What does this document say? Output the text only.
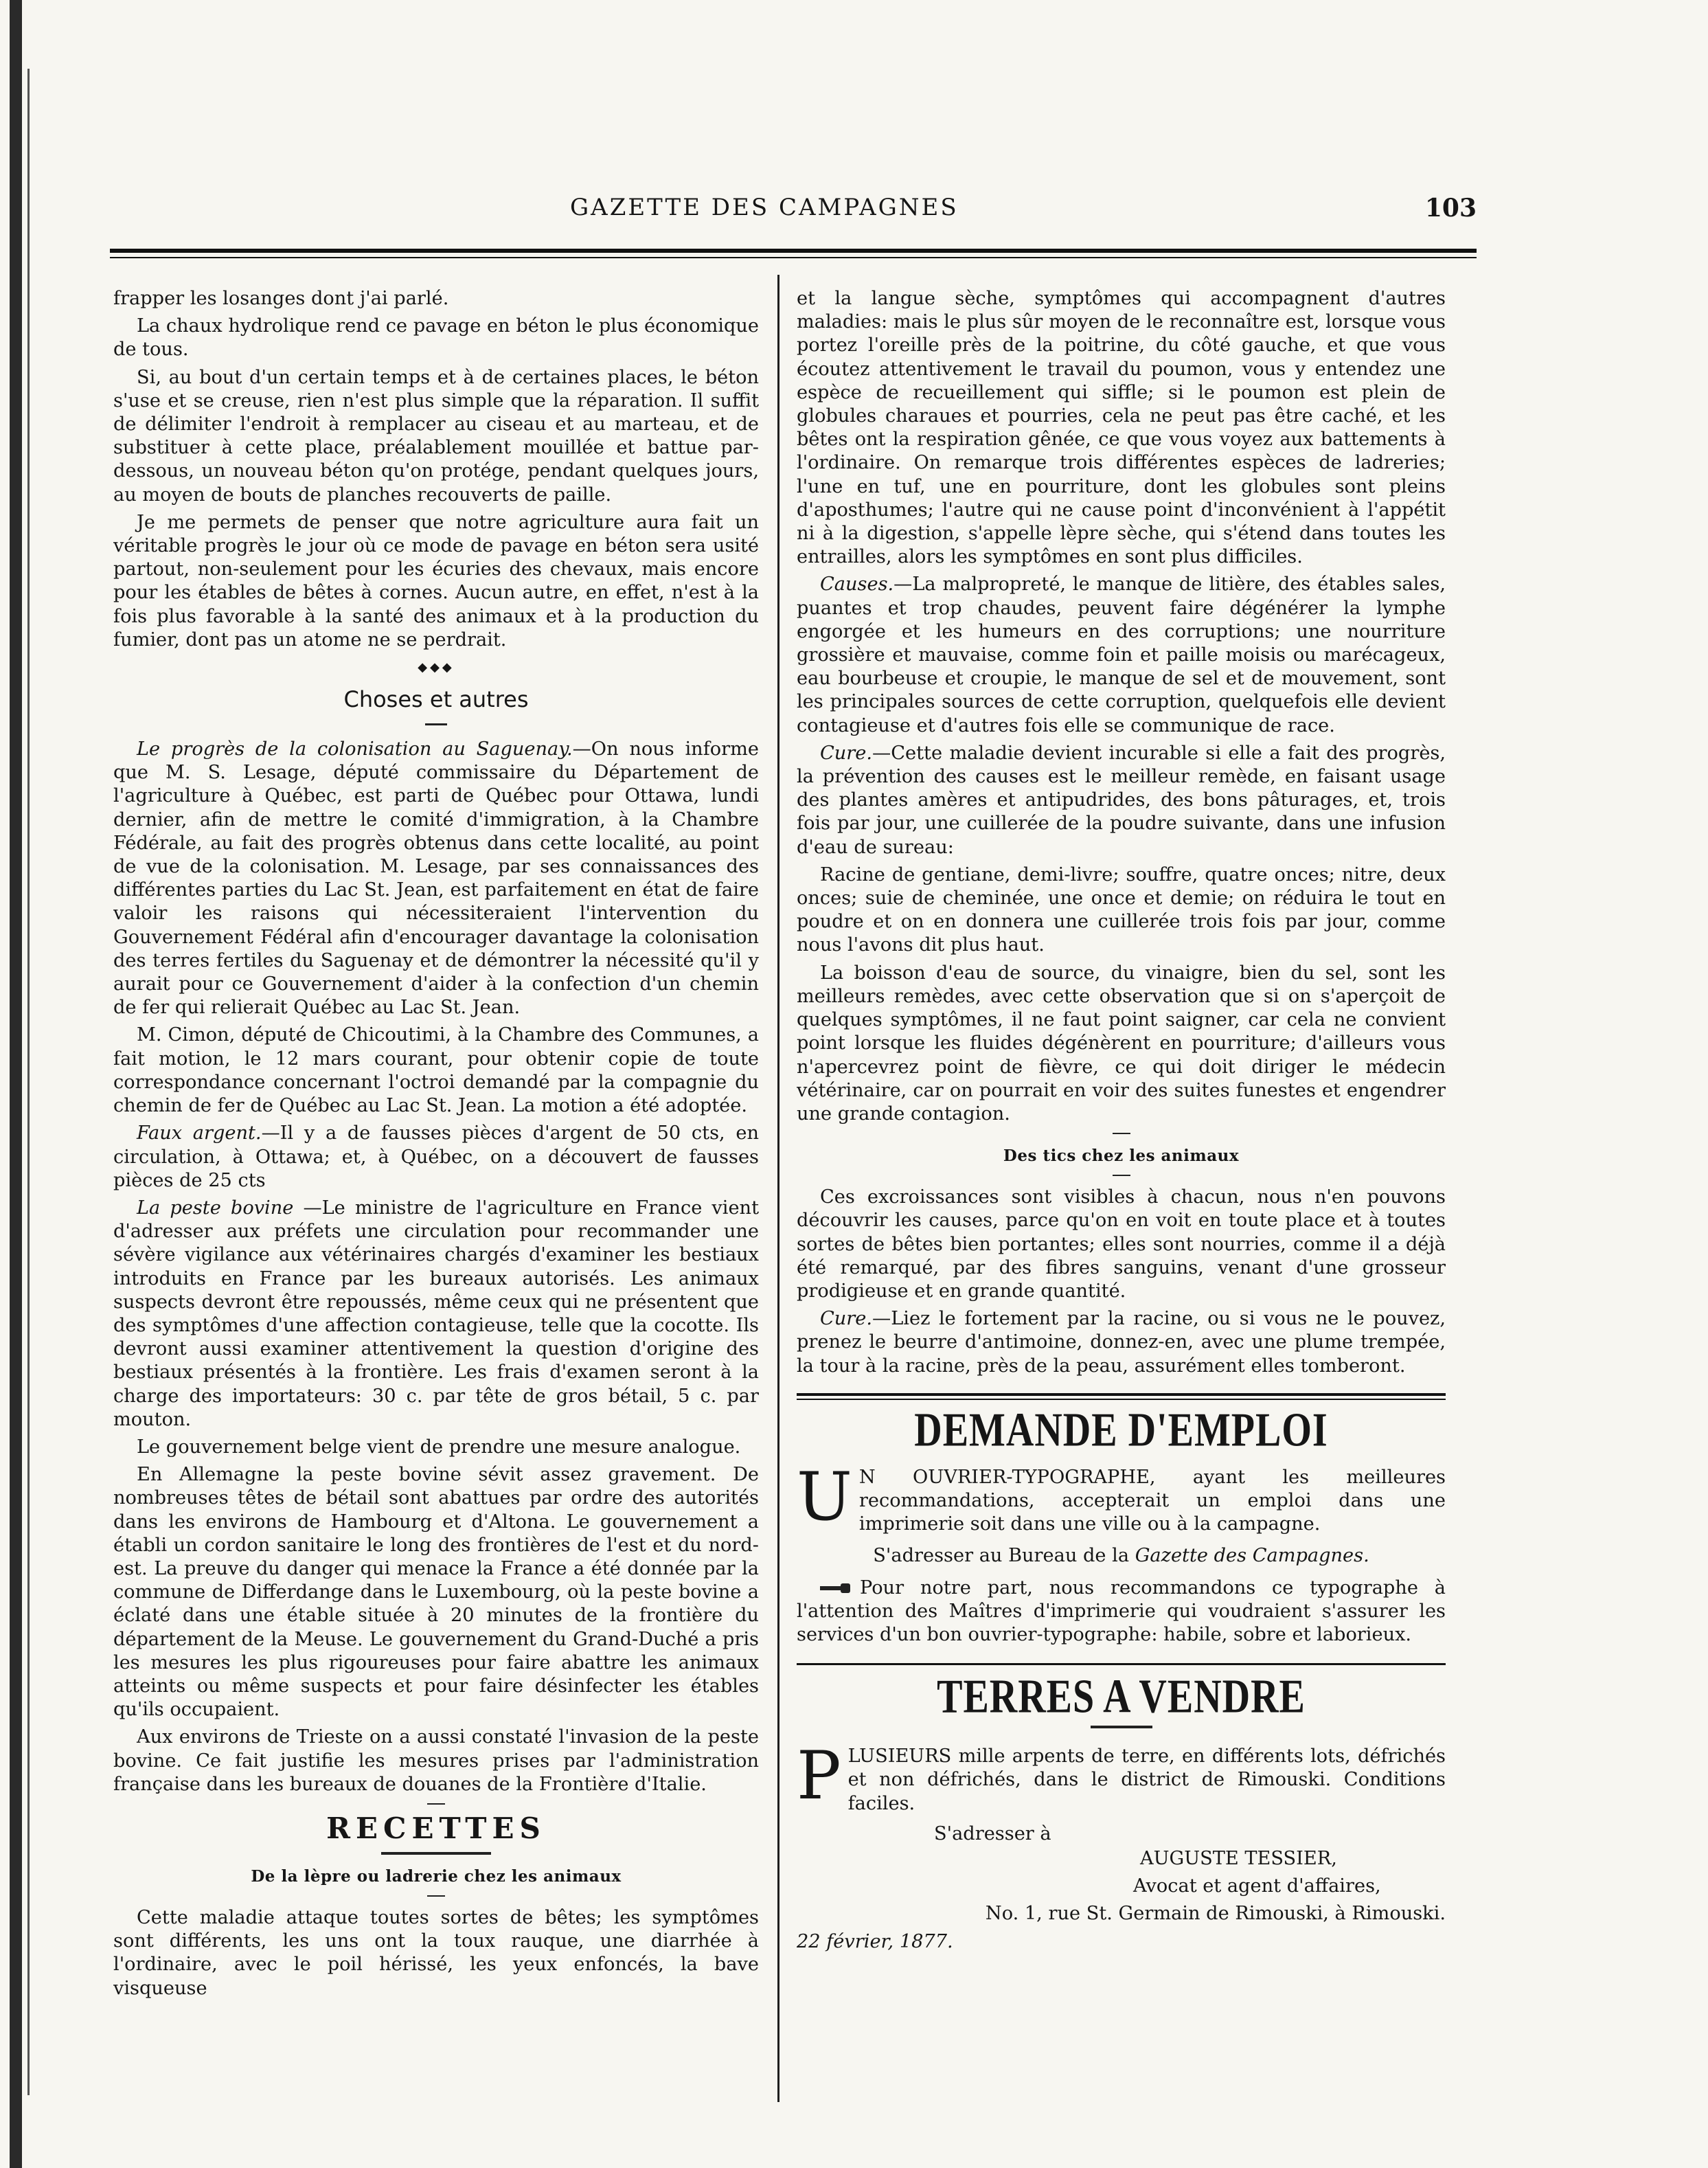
GAZETTE DES CAMPAGNES	103

frapper les losanges dont j'ai parlé.

La chaux hydrolique rend ce pavage en béton le plus économique de tous.

Si, au bout d'un certain temps et à de certaines places, le béton s'use et se creuse, rien n'est plus simple que la réparation. Il suffit de délimiter l'endroit à remplacer au ciseau et au marteau, et de substituer à cette place, préalablement mouillée et battue par-dessous, un nouveau béton qu'on protége, pendant quelques jours, au moyen de bouts de planches recouverts de paille.

Je me permets de penser que notre agriculture aura fait un véritable progrès le jour où ce mode de pavage en béton sera usité partout, non-seulement pour les écuries des chevaux, mais encore pour les étables de bêtes à cornes. Aucun autre, en effet, n'est à la fois plus favorable à la santé des animaux et à la production du fumier, dont pas un atome ne se perdrait.

◆◆◆
Choses et autres

Le progrès de la colonisation au Saguenay.—On nous informe que M. S. Lesage, député commissaire du Département de l'agriculture à Québec, est parti de Québec pour Ottawa, lundi dernier, afin de mettre le comité d'immigration, à la Chambre Fédérale, au fait des progrès obtenus dans cette localité, au point de vue de la colonisation. M. Lesage, par ses connaissances des différentes parties du Lac St. Jean, est parfaitement en état de faire valoir les raisons qui nécessiteraient l'intervention du Gouvernement Fédéral afin d'encourager davantage la colonisation des terres fertiles du Saguenay et de démontrer la nécessité qu'il y aurait pour ce Gouvernement d'aider à la confection d'un chemin de fer qui relierait Québec au Lac St. Jean.

M. Cimon, député de Chicoutimi, à la Chambre des Communes, a fait motion, le 12 mars courant, pour obtenir copie de toute correspondance concernant l'octroi demandé par la compagnie du chemin de fer de Québec au Lac St. Jean. La motion a été adoptée.

Faux argent.—Il y a de fausses pièces d'argent de 50 cts, en circulation, à Ottawa; et, à Québec, on a découvert de fausses pièces de 25 cts

La peste bovine —Le ministre de l'agriculture en France vient d'adresser aux préfets une circulation pour recommander une sévère vigilance aux vétérinaires chargés d'examiner les bestiaux introduits en France par les bureaux autorisés. Les animaux suspects devront être repoussés, même ceux qui ne présentent que des symptômes d'une affection contagieuse, telle que la cocotte. Ils devront aussi examiner attentivement la question d'origine des bestiaux présentés à la frontière. Les frais d'examen seront à la charge des importateurs: 30 c. par tête de gros bétail, 5 c. par mouton.

Le gouvernement belge vient de prendre une mesure analogue.

En Allemagne la peste bovine sévit assez gravement. De nombreuses têtes de bétail sont abattues par ordre des autorités dans les environs de Hambourg et d'Altona. Le gouvernement a établi un cordon sanitaire le long des frontières de l'est et du nord-est. La preuve du danger qui menace la France a été donnée par la commune de Differdange dans le Luxembourg, où la peste bovine a éclaté dans une étable située à 20 minutes de la frontière du département de la Meuse. Le gouvernement du Grand-Duché a pris les mesures les plus rigoureuses pour faire abattre les animaux atteints ou même suspects et pour faire désinfecter les étables qu'ils occupaient.

Aux environs de Trieste on a aussi constaté l'invasion de la peste bovine. Ce fait justifie les mesures prises par l'administration française dans les bureaux de douanes de la Frontière d'Italie.

RECETTES
De la lèpre ou ladrerie chez les animaux

Cette maladie attaque toutes sortes de bêtes; les symptômes sont différents, les uns ont la toux rauque, une diarrhée à l'ordinaire, avec le poil hérissé, les yeux enfoncés, la bave visqueuse

et la langue sèche, symptômes qui accompagnent d'autres maladies: mais le plus sûr moyen de le reconnaître est, lorsque vous portez l'oreille près de la poitrine, du côté gauche, et que vous écoutez attentivement le travail du poumon, vous y entendez une espèce de recueillement qui siffle; si le poumon est plein de globules charaues et pourries, cela ne peut pas être caché, et les bêtes ont la respiration gênée, ce que vous voyez aux battements à l'ordinaire. On remarque trois différentes espèces de ladreries; l'une en tuf, une en pourriture, dont les globules sont pleins d'aposthumes; l'autre qui ne cause point d'inconvénient à l'appétit ni à la digestion, s'appelle lèpre sèche, qui s'étend dans toutes les entrailles, alors les symptômes en sont plus difficiles.

Causes.—La malpropreté, le manque de litière, des étables sales, puantes et trop chaudes, peuvent faire dégénérer la lymphe engorgée et les humeurs en des corruptions; une nourriture grossière et mauvaise, comme foin et paille moisis ou marécageux, eau bourbeuse et croupie, le manque de sel et de mouvement, sont les principales sources de cette corruption, quelquefois elle devient contagieuse et d'autres fois elle se communique de race.

Cure.—Cette maladie devient incurable si elle a fait des progrès, la prévention des causes est le meilleur remède, en faisant usage des plantes amères et antipudrides, des bons pâturages, et, trois fois par jour, une cuillerée de la poudre suivante, dans une infusion d'eau de sureau:

Racine de gentiane, demi-livre; souffre, quatre onces; nitre, deux onces; suie de cheminée, une once et demie; on réduira le tout en poudre et on en donnera une cuillerée trois fois par jour, comme nous l'avons dit plus haut.

La boisson d'eau de source, du vinaigre, bien du sel, sont les meilleurs remèdes, avec cette observation que si on s'aperçoit de quelques symptômes, il ne faut point saigner, car cela ne convient point lorsque les fluides dégénèrent en pourriture; d'ailleurs vous n'apercevrez point de fièvre, ce qui doit diriger le médecin vétérinaire, car on pourrait en voir des suites funestes et engendrer une grande contagion.

Des tics chez les animaux

Ces excroissances sont visibles à chacun, nous n'en pouvons découvrir les causes, parce qu'on en voit en toute place et à toutes sortes de bêtes bien portantes; elles sont nourries, comme il a déjà été remarqué, par des fibres sanguins, venant d'une grosseur prodigieuse et en grande quantité.

Cure.—Liez le fortement par la racine, ou si vous ne le pouvez, prenez le beurre d'antimoine, donnez-en, avec une plume trempée, la tour à la racine, près de la peau, assurément elles tomberont.

DEMANDE D'EMPLOI

U N OUVRIER-TYPOGRAPHE, ayant les meilleures recommandations, accepterait un emploi dans une imprimerie soit dans une ville ou à la campagne.

S'adresser au Bureau de la Gazette des Campagnes.

Pour notre part, nous recommandons ce typographe à l'attention des Maîtres d'imprimerie qui voudraient s'assurer les services d'un bon ouvrier-typographe: habile, sobre et laborieux.

TERRES A VENDRE

PLUSIEURS mille arpents de terre, en différents lots, défrichés et non défrichés, dans le district de Rimouski. Conditions faciles.

S'adresser à

AUGUSTE TESSIER,

Avocat et agent d'affaires,

No. 1, rue St. Germain de Rimouski, à Rimouski.

22 février, 1877.
